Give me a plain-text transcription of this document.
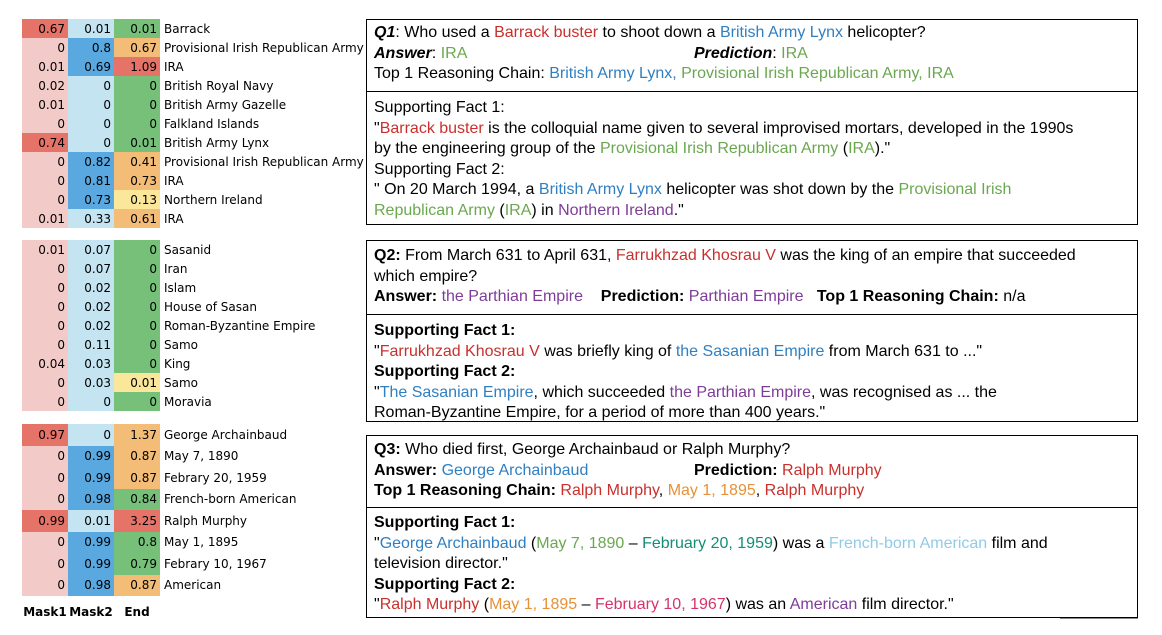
0.67	0.01	0.01 Barrack
0	0.8	0.67 Provisional Irish Republican Army
0.01	0.69	1.09 IRA
0.02	0	0 British Royal Navy
0.01	0	0 British Army Gazelle
0	0	0 Falkland Islands
0.74	0	0.01 British Army Lynx
0	0.82	0.41 Provisional Irish Republican Army
0	0.81	0.73 IRA
0	0.73	0.13 Northern Ireland
0.01	0.33	0.61 IRA
0.01	0.07	0 Sasanid
0	0.07	0 Iran
0	0.02	0 Islam
0	0.02	0 House of Sasan
0	0.02	0 Roman-Byzantine Empire
0	0.11	0 Samo
0.04	0.03	0 King
0	0.03	0.01 Samo
0	0	0 Moravia
0.97	0	1.37 George Archainbaud
0	0.99	0.87 May 7, 1890
0	0.99	0.87 Febrary 20, 1959
0	0.98	0.84 French-born American
0.99	0.01	3.25 Ralph Murphy
0	0.99	0.8 May 1, 1895
0	0.99	0.79 Febrary 10, 1967
0	0.98	0.87 American
Mask1 Mask2 End
Q1: Who used a Barrack buster to shoot down a British Army Lynx helicopter?
Answer: IRA	Prediction: IRA
Top 1 Reasoning Chain: British Army Lynx, Provisional Irish Republican Army, IRA
Supporting Fact 1:
"Barrack buster is the colloquial name given to several improvised mortars, developed in the 1990s
by the engineering group of the Provisional Irish Republican Army (IRA)."
Supporting Fact 2:
" On 20 March 1994, a British Army Lynx helicopter was shot down by the Provisional Irish
Republican Army (IRA) in Northern Ireland."
Q2: From March 631 to April 631, Farrukhzad Khosrau V was the king of an empire that succeeded
which empire?
Answer: the Parthian Empire Prediction: Parthian Empire Top 1 Reasoning Chain: n/a
Supporting Fact 1:
"Farrukhzad Khosrau V was briefly king of the Sasanian Empire from March 631 to ..."
Supporting Fact 2:
"The Sasanian Empire, which succeeded the Parthian Empire, was recognised as ... the
Roman-Byzantine Empire, for a period of more than 400 years."
Q3: Who died first, George Archainbaud or Ralph Murphy?
Answer: George Archainbaud	Prediction: Ralph Murphy
Top 1 Reasoning Chain: Ralph Murphy, May 1, 1895, Ralph Murphy
Supporting Fact 1:
"George Archainbaud (May 7, 1890 – February 20, 1959) was a French-born American film and
television director."
Supporting Fact 2:
"Ralph Murphy (May 1, 1895 – February 10, 1967) was an American film director."
